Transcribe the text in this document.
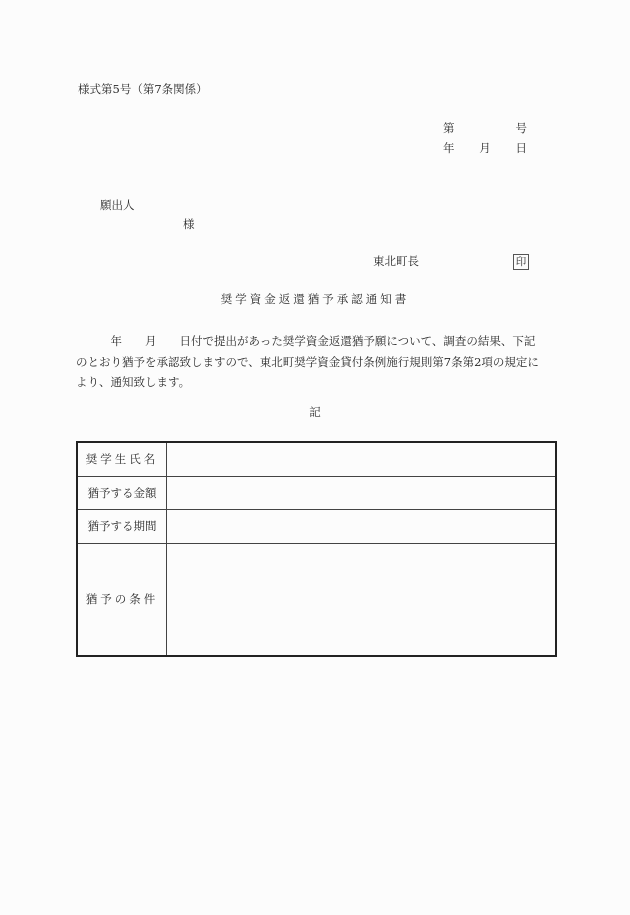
様式第5号（第7条関係）
第	号
年 月 日
願出人
様
東北町長	印
奨学資金返還猶予承認通知書
　　　年　　月　　日付で提出があった奨学資金返還猶予願について、調査の結果、下記
のとおり猶予を承認致しますので、東北町奨学資金貸付条例施行規則第7条第2項の規定に
より、通知致します。
記
奨学生氏名	
猶予する金額	
猶予する期間	
猶予の条件	
